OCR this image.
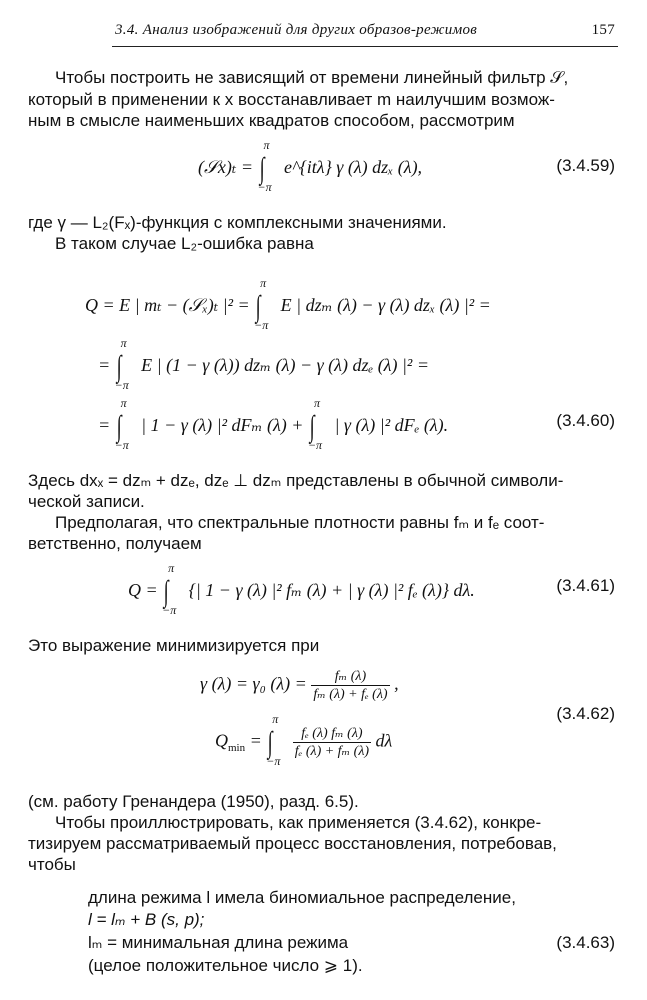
3.4. Анализ изображений для других образов-режимов	157
Чтобы построить не зависящий от времени линейный фильтр 𝒮,
который в применении к x восстанавливает m наилучшим возмож-
ным в смысле наименьших квадратов способом, рассмотрим
(𝒮x)ₜ = ∫
π
−π
e^{itλ} γ (λ) dzₓ (λ),	(3.4.59)
где γ — L₂(Fₓ)-функция с комплексными значениями.
В таком случае L₂-ошибка равна
Q = E | mₜ − (𝒮ₓ)ₜ |² = ∫
π
−π
E | dzₘ (λ) − γ (λ) dzₓ (λ) |² =
= ∫
π
−π
E | (1 − γ (λ)) dzₘ (λ) − γ (λ) dzₑ (λ) |² =
= ∫
π
−π
| 1 − γ (λ) |² dFₘ (λ) + ∫
π
−π
| γ (λ) |² dFₑ (λ).	(3.4.60)
Здесь dxₓ = dzₘ + dzₑ, dzₑ ⊥ dzₘ представлены в обычной символи-
ческой записи.
Предполагая, что спектральные плотности равны fₘ и fₑ соот-
ветственно, получаем
Q = ∫
π
−π
{| 1 − γ (λ) |² fₘ (λ) + | γ (λ) |² fₑ (λ)} dλ.	(3.4.61)
Это выражение минимизируется при
γ (λ) = γ₀ $(\lambda) = \frac{\text{fₘ (λ)}}{\text{fₘ (λ) + fₑ (λ)}}$ ,
$Q_{min}$ = ∫
π
−π

$\frac{\text{fₑ (λ) fₘ (λ)}}{\text{fₑ (λ) + fₘ (λ)}}$ dλ
(3.4.62)
(см. работу Гренандера (1950), разд. 6.5).
Чтобы проиллюстрировать, как применяется (3.4.62), конкре-
тизируем рассматриваемый процесс восстановления, потребовав,
чтобы
длина режима l имела биномиальное распределение,
l = lₘ + B (s, p);
lₘ = минимальная длина режима
(целое положительное число ⩾ 1).
(3.4.63)
